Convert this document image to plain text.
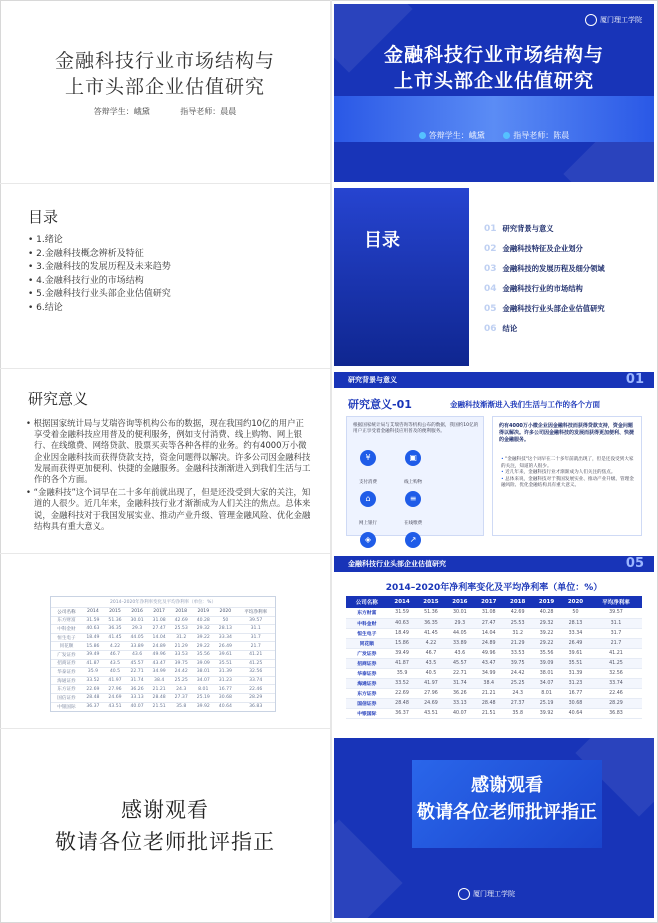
金融科技行业市场结构与
上市头部企业估值研究
答辩学生：峨黛	指导老师：晨晨
目录
• 1.绪论
• 2.金融科技概念辨析及特征
• 3.金融科技的发展历程及未来趋势
• 4.金融科技行业的市场结构
• 5.金融科技行业头部企业估值研究
• 6.结论
研究意义
• 根据国家统计局与艾瑞咨询等机构公布的数据，现在我国约10亿的用户正享受着金融科技应用普及的便利服务，例如支付消费、线上购物、网上银行、在线缴费、网络贷款、股票买卖等各种各样的业务。约有4000万小微企业因金融科技而获得贷款支持，资金问题得以解决。许多公司因金融科技发展而获得更加便利、快捷的金融服务。金融科技渐渐进入到我们生活与工作的各个方面。
• “金融科技”这个词早在二十多年前就出现了，但是还没受到大家的关注，知道的人很少。近几年来，金融科技行业才渐渐成为人们关注的焦点。总体来说，金融科技对于我国发展实业、推动产业升级、管理金融风险、优化金融结构具有重大意义。
2014–2020年净利率变化及平均净利率（单位：%）
公司名称	2014	2015	2016	2017	2018	2019	2020	平均净利率
东方财富	31.59	51.36	30.01	31.08	42.69	40.28	50	39.57
中科金财	40.63	36.35	29.3	27.47	25.53	29.32	28.13	31.1
恒生电子	18.49	41.45	44.05	14.04	31.2	39.22	33.34	31.7
同花顺	15.86	4.22	33.89	24.89	21.29	29.22	26.49	21.7
广发证券	39.49	46.7	43.6	49.96	33.53	35.56	39.61	41.21
招商证券	41.87	43.5	45.57	43.47	39.75	39.09	35.51	41.25
华泰证券	35.9	40.5	22.71	34.99	24.42	38.01	31.39	32.56
海通证券	33.52	41.97	31.74	38.4	25.25	34.07	31.23	33.74
东方证券	22.69	27.96	36.26	21.21	24.3	8.01	16.77	22.46
国信证券	28.48	24.69	33.13	28.48	27.37	25.19	30.68	28.29
中银国际	36.37	43.51	40.07	21.51	35.8	39.92	40.64	36.83
感谢观看
敬请各位老师批评指正
厦门理工学院
金融科技行业市场结构与
上市头部企业估值研究
答辩学生：峨黛	指导老师：陈晨
目录
01 研究背景与意义
02 金融科技特征及企业划分
03 金融科技的发展历程及细分领域
04 金融科技行业的市场结构
05 金融科技行业头部企业估值研究
06 结论
研究背景与意义	01
研究意义-01	金融科技渐渐进入我们生活与工作的各个方面

根据国家统计局与艾瑞咨询等机构公布的数据，我国约10亿的用户正享受着金融科技应用普及的便利服务。

¥
支付消费
▣
线上购物
⌂
网上银行
≡
在线缴费
◈
	↗
约有4000万小微企业因金融科技而获得贷款支持，资金问题得以解决。许多公司因金融科技的发展而获得更加便利、快捷的金融服务。
• "金融科技"这个词早在二十多年前就出现了，但是还没受到大家的关注，知道的人很少。
• 近几年来，金融科技行业才渐渐成为人们关注的焦点。
• 总体来说，金融科技对于我国发展实业、推动产业升级、管理金融风险、优化金融结构具有重大意义。
金融科技行业头部企业估值研究	05
2014–2020年净利率变化及平均净利率（单位：%）
公司名称	2014	2015	2016	2017	2018	2019	2020	平均净利率
东方财富	31.59	51.36	30.01	31.08	42.69	40.28	50	39.57
中科金财	40.63	36.35	29.3	27.47	25.53	29.32	28.13	31.1
恒生电子	18.49	41.45	44.05	14.04	31.2	39.22	33.34	31.7
同花顺	15.86	4.22	33.89	24.89	21.29	29.22	26.49	21.7
广发证券	39.49	46.7	43.6	49.96	33.53	35.56	39.61	41.21
招商证券	41.87	43.5	45.57	43.47	39.75	39.09	35.51	41.25
华泰证券	35.9	40.5	22.71	34.99	24.42	38.01	31.39	32.56
海通证券	33.52	41.97	31.74	38.4	25.25	34.07	31.23	33.74
东方证券	22.69	27.96	36.26	21.21	24.3	8.01	16.77	22.46
国信证券	28.48	24.69	33.13	28.48	27.37	25.19	30.68	28.29
中银国际	36.37	43.51	40.07	21.51	35.8	39.92	40.64	36.83
感谢观看
敬请各位老师批评指正
厦门理工学院
